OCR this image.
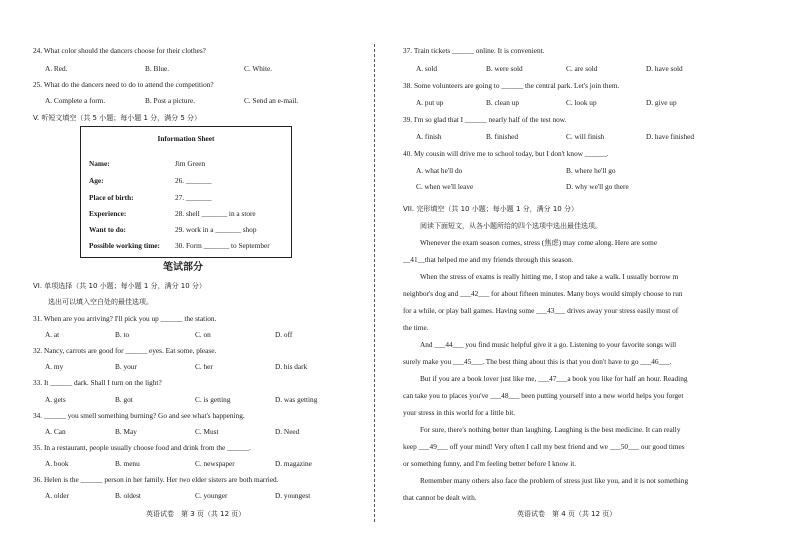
24. What color should the dancers choose for their clothes?
A. Red.	B. Blue.	C. White.
25. What do the dancers need to do to attend the competition?
A. Complete a form.	B. Post a picture.	C. Send an e-mail.
V. 听短文填空（共 5 小题；每小题 1 分，满分 5 分）
Information Sheet
Name:	Jim Green
Age:	26. _______
Place of birth:	27. _______
Experience:	28. shell _______ in a store
Want to do:	29. work in a _______ shop
Possible working time: 30. Form _______ to September
笔试部分
VI. 单项选择（共 10 小题；每小题 1 分，满分 10 分）
选出可以填入空白处的最佳选项。
31. When are you arriving? I'll pick you up ______ the station.
A. at	B. to	C. on	D. off
32. Nancy, carrots are good for ______ eyes. Eat some, please.
A. my	B. your	C. her	D. his dark
33. It ______ dark. Shall I turn on the light?
A. gets	B. got	C. is getting	D. was getting
34. ______ you smell something burning? Go and see what's happening.
A. Can	B. May	C. Must	D. Need
35. In a restaurant, people usually choose food and drink from the ______.
A. book	B. menu	C. newspaper	D. magazine
36. Helen is the ______ person in her family. Her two elder sisters are both married.
A. older	B. oldest	C. younger	D. youngest
英语试卷　第 3 页（共 12 页）
37. Train tickets ______ online. It is convenient.
A. sold	B. were sold	C. are sold	D. have sold
38. Some volunteers are going to ______ the central park. Let's join them.
A. put up	B. clean up	C. look up	D. give up
39. I'm so glad that I ______ nearly half of the test now.
A. finish	B. finished	C. will finish	D. have finished
40. My cousin will drive me to school today, but I don't know ______.
A. what he'll do	B. where he'll go
C. when we'll leave	D. why we'll go there
VII. 完形填空（共 10 小题；每小题 1 分，满分 10 分）
阅读下面短文，从各小题所给的四个选项中选出最佳选项。
Whenever the exam season comes, stress (焦虑) may come along. Here are some
__41__that helped me and my friends through this season.
When the stress of exams is really hitting me, I stop and take a walk. I usually borrow m
neighbor's dog and ___42___ for about fifteen minutes. Many boys would simply choose to run
for a while, or play ball games. Having some ___43___ drives away your stress easily most of
the time.
And ___44___ you find music helpful give it a go. Listening to your favorite songs will
surely make you ___45___. The best thing about this is that you don't have to go ___46___.
But if you are a book lover just like me, ___47___a book you like for half an hour. Reading
can take you to places you've ___48___ been putting yourself into a new world helps you forget
your stress in this world for a little bit.
For sure, there's nothing better than laughing. Laughing is the best medicine. It can really
keep ___49___ off your mind! Very often I call my best friend and we ___50___ our good times
or something funny, and I'm feeling better before I know it.
Remember many others also face the problem of stress just like you, and it is not something
that cannot be dealt with.
英语试卷　第 4 页（共 12 页）
